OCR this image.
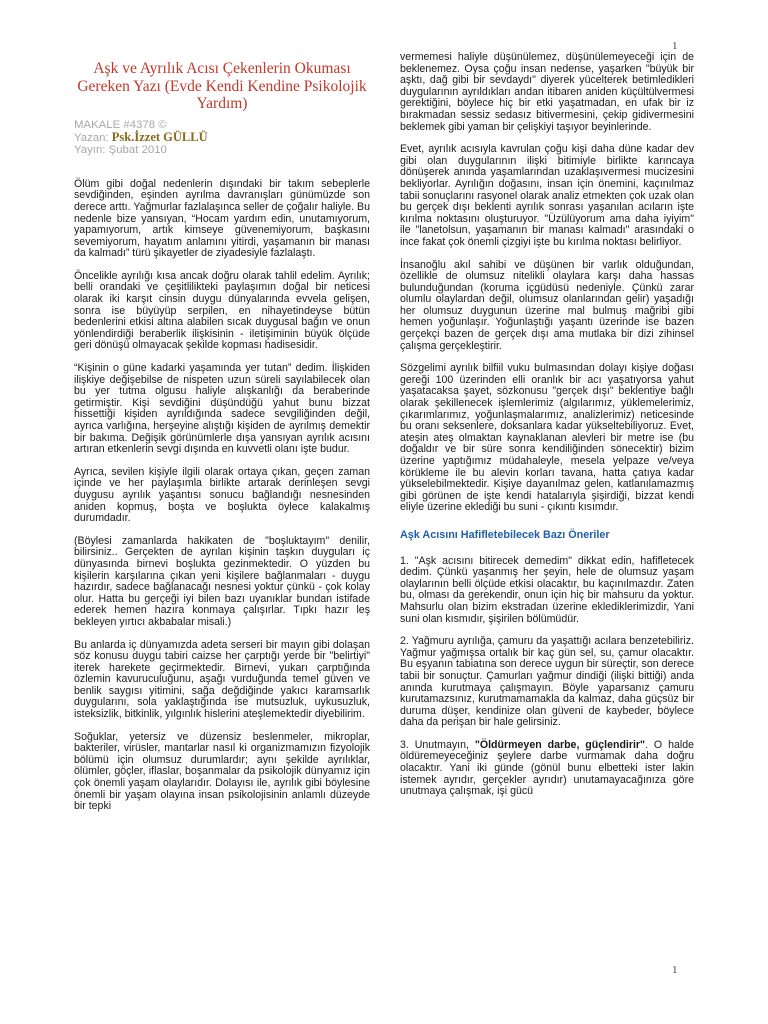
1
Aşk ve Ayrılık Acısı Çekenlerin Okuması Gereken Yazı (Evde Kendi Kendine Psikolojik Yardım)
MAKALE #4378 ©
Yazan: Psk.İzzet GÜLLÜ
Yayın: Şubat 2010

Ölüm gibi doğal nedenlerin dışındaki bir takım sebeplerle sevdiğinden, eşinden ayrılma davranışları günümüzde son derece arttı. Yağmurlar fazlalaşınca seller de çoğalır haliyle. Bu nedenle bize yansıyan, “Hocam yardım edin, unutamıyorum, yapamıyorum, artık kimseye güvenemiyorum, başkasını sevemiyorum, hayatım anlamını yitirdi, yaşamanın bir manası da kalmadı” türü şikayetler de ziyadesiyle fazlalaştı.

Öncelikle ayrılığı kısa ancak doğru olarak tahlil edelim. Ayrılık; belli orandaki ve çeşitlilikteki paylaşımın doğal bir neticesi olarak iki karşıt cinsin duygu dünyalarında evvela gelişen, sonra ise büyüyüp serpilen, en nihayetindeyse bütün bedenlerini etkisi altına alabilen sıcak duygusal bağın ve onun yönlendirdiği beraberlik ilişkisinin - iletişiminin büyük ölçüde geri dönüşü olmayacak şekilde kopması hadisesidir.

“Kişinin o güne kadarki yaşamında yer tutan” dedim. İlişkiden ilişkiye değişebilse de nispeten uzun süreli sayılabilecek olan bu yer tutma olgusu haliyle alışkanlığı da beraberinde getirmiştir. Kişi sevdiğini düşündüğü yahut bunu bizzat hissettiği kişiden ayrıldığında sadece sevgiliğinden değil, ayrıca varlığına, herşeyine alıştığı kişiden de ayrılmış demektir bir bakıma. Değişik görünümlerle dışa yansıyan ayrılık acısını artıran etkenlerin sevgi dışında en kuvvetli olanı işte budur.

Ayrıca, sevilen kişiyle ilgili olarak ortaya çıkan, geçen zaman içinde ve her paylaşımla birlikte artarak derinleşen sevgi duygusu ayrılık yaşantısı sonucu bağlandığı nesnesinden aniden kopmuş, boşta ve boşlukta öylece kalakalmış durumdadır.

(Böylesi zamanlarda hakikaten de "boşluktayım" denilir, bilirsiniz.. Gerçekten de ayrılan kişinin taşkın duyguları iç dünyasında birnevi boşlukta gezinmektedir. O yüzden bu kişilerin karşılarına çıkan yeni kişilere bağlanmaları - duygu hazırdır, sadece bağlanacağı nesnesi yoktur çünkü - çok kolay olur. Hatta bu gerçeği iyi bilen bazı uyanıklar bundan istifade ederek hemen hazıra konmaya çalışırlar. Tıpkı hazır leş bekleyen yırtıcı akbabalar misali.)

Bu anlarda iç dünyamızda adeta serseri bir mayın gibi dolaşan söz konusu duygu tabiri caizse her çarptığı yerde bir "belirtiyi" iterek harekete geçirmektedir. Birnevi, yukarı çarptığında özlemin kavuruculuğunu, aşağı vurduğunda temel güven ve benlik saygısı yitimini, sağa değdiğinde yakıcı karamsarlık duygularını, sola yaklaştığında ise mutsuzluk, uykusuzluk, isteksizlik, bitkinlik, yılgınlık hislerini ateşlemektedir diyebilirim.

Soğuklar, yetersiz ve düzensiz beslenmeler, mikroplar, bakteriler, virüsler, mantarlar nasıl ki organizmamızın fizyolojik bölümü için olumsuz durumlardır; aynı şekilde ayrılıklar, ölümler, göçler, iflaslar, boşanmalar da psikolojik dünyamız için çok önemli yaşam olaylarıdır. Dolayısı ile, ayrılık gibi böylesine önemli bir yaşam olayına insan psikolojisinin anlamlı düzeyde bir tepki

vermemesi haliyle düşünülemez, düşünülemeyeceği için de beklenemez. Oysa çoğu insan nedense, yaşarken "büyük bir aşktı, dağ gibi bir sevdaydı" diyerek yücelterek betimledikleri duygularının ayrıldıkları andan itibaren aniden küçültülvermesi gerektiğini, böylece hiç bir etki yaşatmadan, en ufak bir iz bırakmadan sessiz sedasız bitivermesini, çekip gidivermesini beklemek gibi yaman bir çelişkiyi taşıyor beyinlerinde.

Evet, ayrılık acısıyla kavrulan çoğu kişi daha düne kadar dev gibi olan duygularının ilişki bitimiyle birlikte karıncaya dönüşerek anında yaşamlarından uzaklaşıvermesi mucizesini bekliyorlar. Ayrılığın doğasını, insan için önemini, kaçınılmaz tabii sonuçlarını rasyonel olarak analiz etmekten çok uzak olan bu gerçek dışı beklenti ayrılık sonrası yaşanılan acıların işte kırılma noktasını oluşturuyor. "Üzülüyorum ama daha iyiyim" ile "lanetolsun, yaşamanın bir manası kalmadı" arasındaki o ince fakat çok önemli çizgiyi işte bu kırılma noktası belirliyor.

İnsanoğlu akıl sahibi ve düşünen bir varlık olduğundan, özellikle de olumsuz nitelikli olaylara karşı daha hassas bulunduğundan (koruma içgüdüsü nedeniyle. Çünkü zarar olumlu olaylardan değil, olumsuz olanlarından gelir) yaşadığı her olumsuz duygunun üzerine mal bulmuş mağribi gibi hemen yoğunlaşır. Yoğunlaştığı yaşantı üzerinde ise bazen gerçekçi bazen de gerçek dışı ama mutlaka bir dizi zihinsel çalışma gerçekleştirir.

Sözgelimi ayrılık bilfiil vuku bulmasından dolayı kişiye doğası gereği 100 üzerinden elli oranlık bir acı yaşatıyorsa yahut yaşatacaksa şayet, sözkonusu "gerçek dışı" beklentiye bağlı olarak şekillenecek işlemlerimiz (algılarımız, yüklemelerimiz, çıkarımlarımız, yoğunlaşmalarımız, analizlerimiz) neticesinde bu oranı seksenlere, doksanlara kadar yükseltebiliyoruz. Evet, ateşin ateş olmaktan kaynaklanan alevleri bir metre ise (bu doğaldır ve bir süre sonra kendiliğinden sönecektir) bizim üzerine yaptığımız müdahaleyle, mesela yelpaze ve/veya körükleme ile bu alevin korları tavana, hatta çatıya kadar yükselebilmektedir. Kişiye dayanılmaz gelen, katlanılamazmış gibi görünen de işte kendi hatalarıyla şişirdiği, bizzat kendi eliyle üzerine eklediği bu suni - çıkıntı kısımdır.

Aşk Acısını Hafifletebilecek Bazı Öneriler

1. "Aşk acısını bitirecek demedim" dikkat edin, hafifletecek dedim. Çünkü yaşanmış her şeyin, hele de olumsuz yaşam olaylarının belli ölçüde etkisi olacaktır, bu kaçınılmazdır. Zaten bu, olması da gerekendir, onun için hiç bir mahsuru da yoktur. Mahsurlu olan bizim ekstradan üzerine eklediklerimizdir, Yani suni olan kısmıdır, şişirilen bölümüdür.

2. Yağmuru ayrılığa, çamuru da yaşattığı acılara benzetebiliriz. Yağmur yağmışsa ortalık bir kaç gün sel, su, çamur olacaktır. Bu eşyanın tabiatına son derece uygun bir süreçtir, son derece tabii bir sonuçtur. Çamurları yağmur dindiği (ilişki bittiği) anda anında kurutmaya çalışmayın. Böyle yaparsanız çamuru kurutamazsınız, kurutmamamakla da kalmaz, daha güçsüz bir duruma düşer, kendinize olan güveni de kaybeder, böylece daha da perişan bir hale gelirsiniz.

3. Unutmayın, "Öldürmeyen darbe, güçlendirir". O halde öldüremeyeceğiniz şeylere darbe vurmamak daha doğru olacaktır. Yani iki günde (gönül bunu elbetteki ister lakin istemek ayrıdır, gerçekler ayrıdır) unutamayacağınıza göre unutmaya çalışmak, işi gücü

1
